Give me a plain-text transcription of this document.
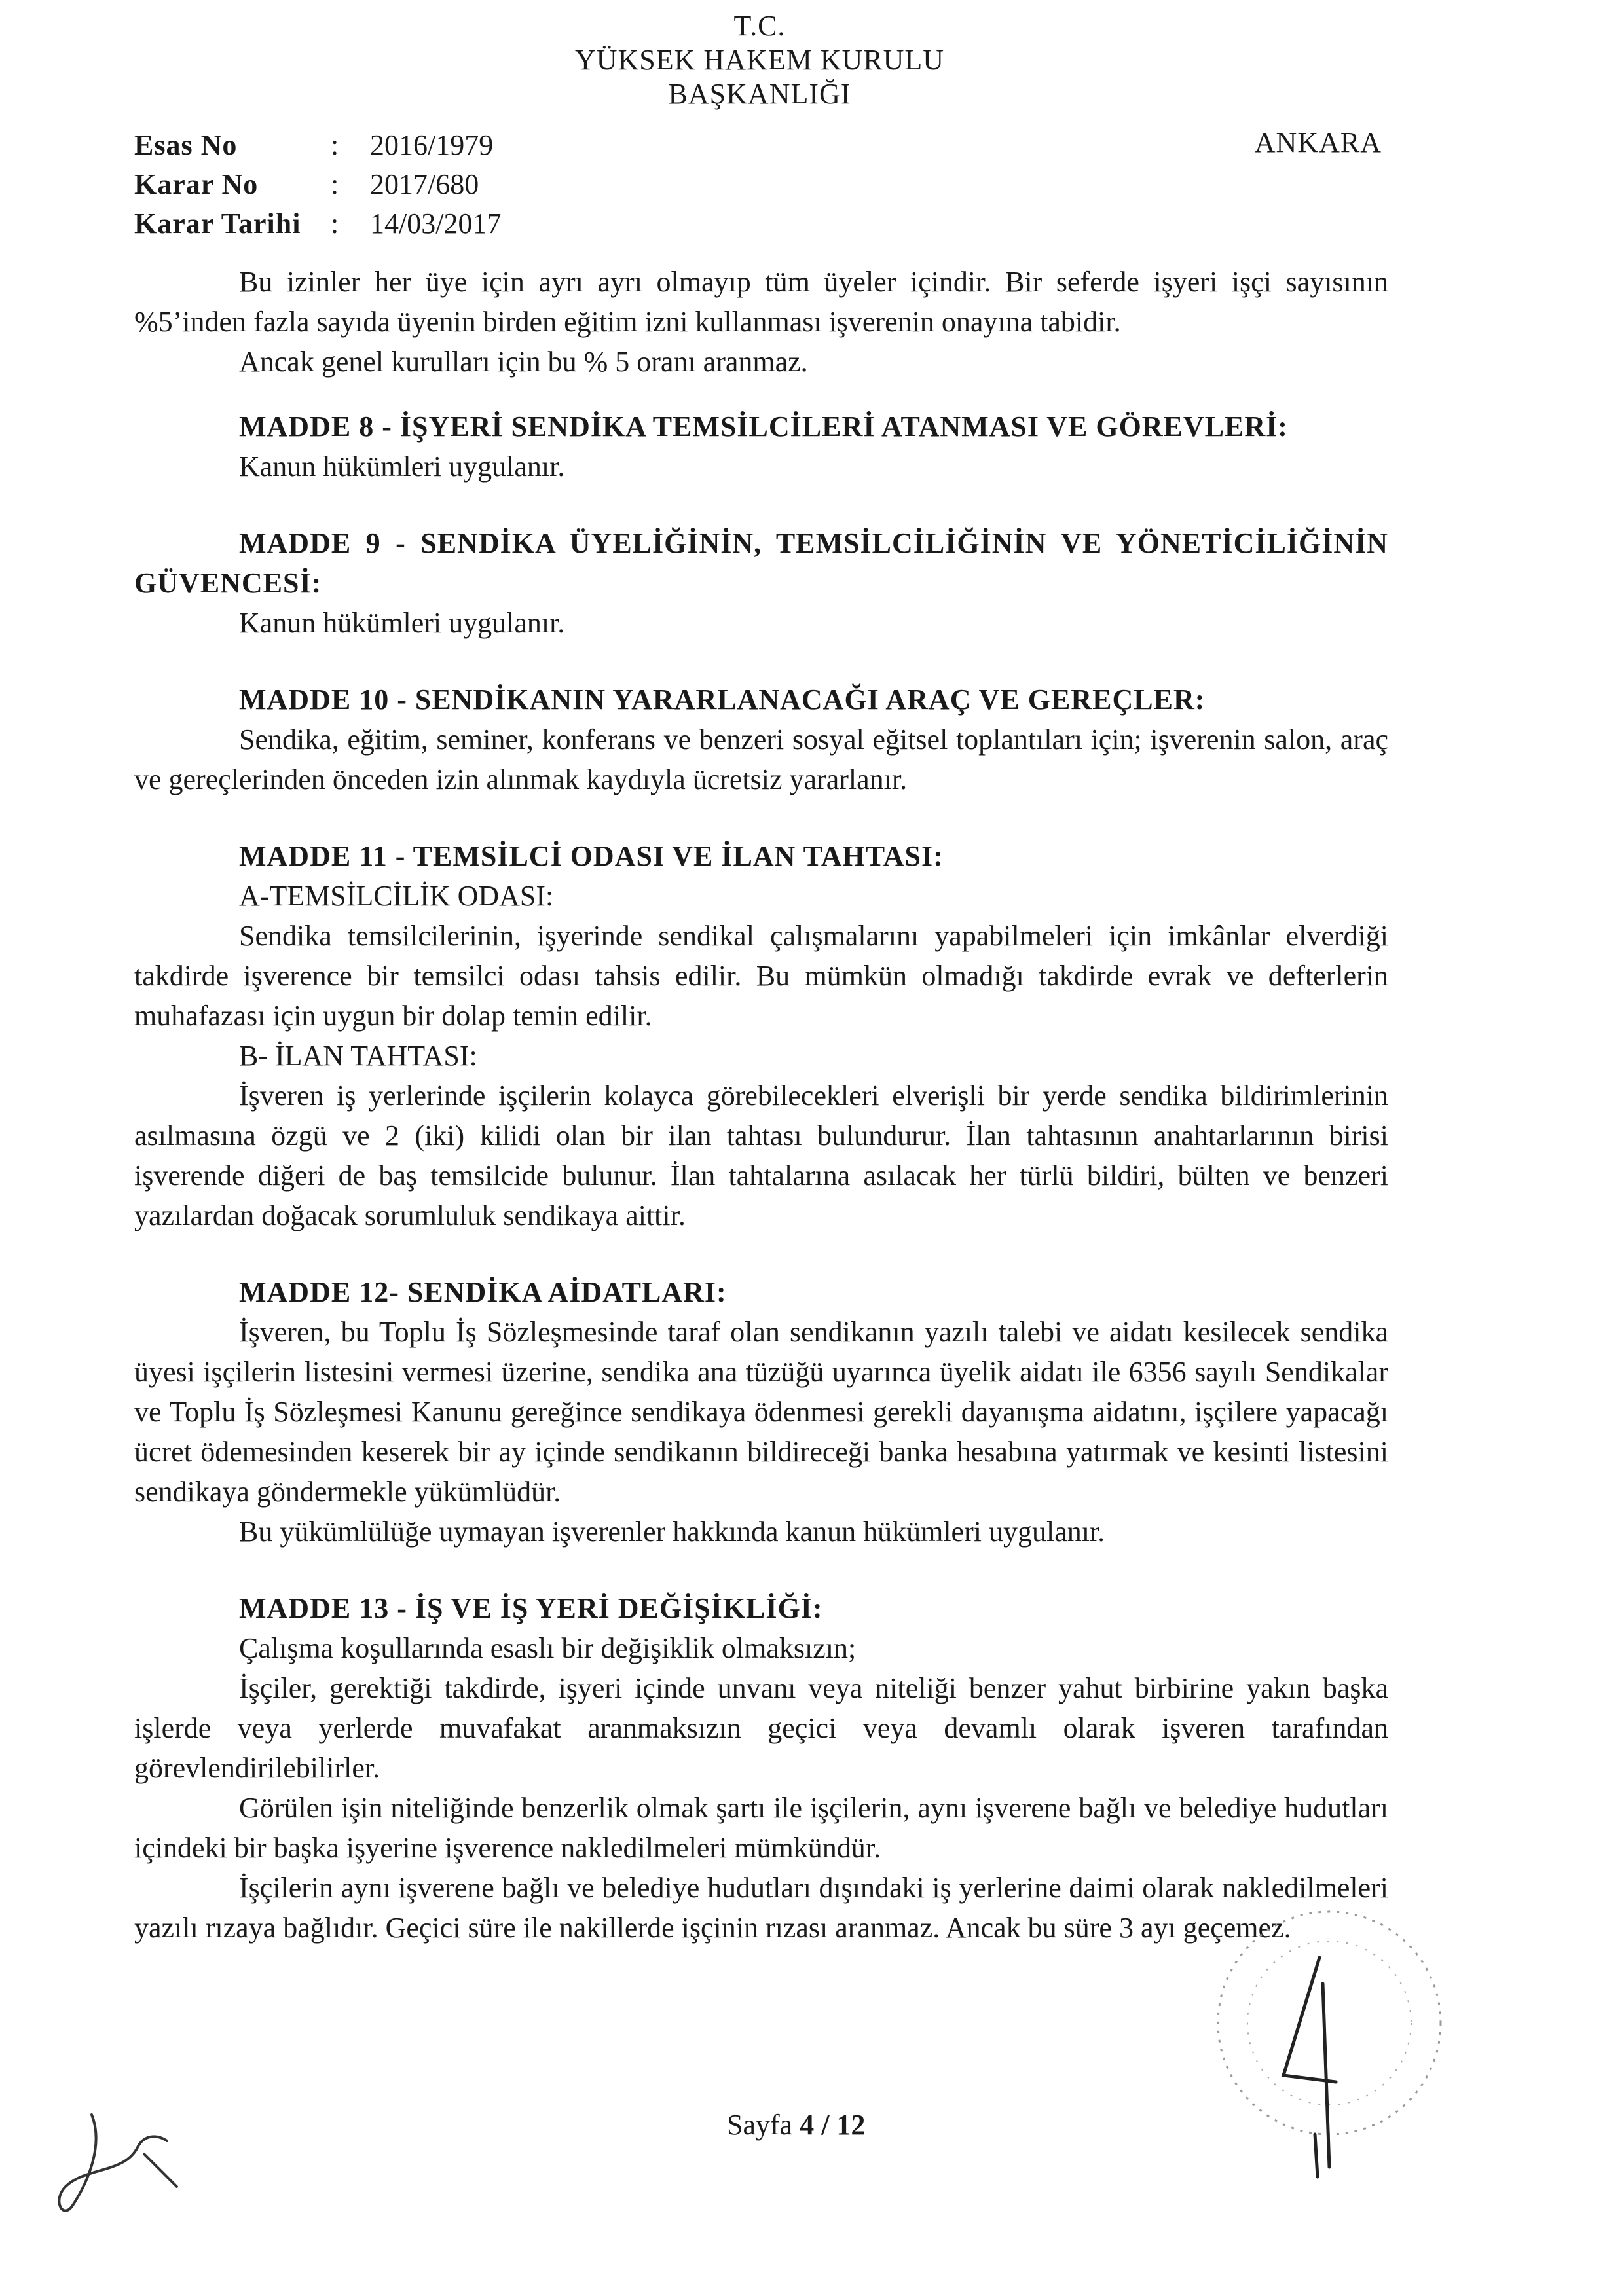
T.C.
YÜKSEK HAKEM KURULU
BAŞKANLIĞI
Esas No	:	2016/1979
Karar No	:	2017/680
Karar Tarihi	:	14/03/2017
ANKARA
Bu izinler her üye için ayrı ayrı olmayıp tüm üyeler içindir. Bir seferde işyeri işçi sayısının %5’inden fazla sayıda üyenin birden eğitim izni kullanması işverenin onayına tabidir.
Ancak genel kurulları için bu % 5 oranı aranmaz.
MADDE 8 - İŞYERİ SENDİKA TEMSİLCİLERİ ATANMASI VE GÖREVLERİ:
Kanun hükümleri uygulanır.
MADDE 9 - SENDİKA ÜYELİĞİNİN, TEMSİLCİLİĞİNİN VE YÖNETİCİLİĞİNİN GÜVENCESİ:
Kanun hükümleri uygulanır.
MADDE 10 - SENDİKANIN YARARLANACAĞI ARAÇ VE GEREÇLER:
Sendika, eğitim, seminer, konferans ve benzeri sosyal eğitsel toplantıları için; işverenin salon, araç ve gereçlerinden önceden izin alınmak kaydıyla ücretsiz yararlanır.
MADDE 11 - TEMSİLCİ ODASI VE İLAN TAHTASI:
A-TEMSİLCİLİK ODASI:
Sendika temsilcilerinin, işyerinde sendikal çalışmalarını yapabilmeleri için imkânlar elverdiği takdirde işverence bir temsilci odası tahsis edilir. Bu mümkün olmadığı takdirde evrak ve defterlerin muhafazası için uygun bir dolap temin edilir.
B- İLAN TAHTASI:
İşveren iş yerlerinde işçilerin kolayca görebilecekleri elverişli bir yerde sendika bildirimlerinin asılmasına özgü ve 2 (iki) kilidi olan bir ilan tahtası bulundurur. İlan tahtasının anahtarlarının birisi işverende diğeri de baş temsilcide bulunur. İlan tahtalarına asılacak her türlü bildiri, bülten ve benzeri yazılardan doğacak sorumluluk sendikaya aittir.
MADDE 12- SENDİKA AİDATLARI:
İşveren, bu Toplu İş Sözleşmesinde taraf olan sendikanın yazılı talebi ve aidatı kesilecek sendika üyesi işçilerin listesini vermesi üzerine, sendika ana tüzüğü uyarınca üyelik aidatı ile 6356 sayılı Sendikalar ve Toplu İş Sözleşmesi Kanunu gereğince sendikaya ödenmesi gerekli dayanışma aidatını, işçilere yapacağı ücret ödemesinden keserek bir ay içinde sendikanın bildireceği banka hesabına yatırmak ve kesinti listesini sendikaya göndermekle yükümlüdür.
Bu yükümlülüğe uymayan işverenler hakkında kanun hükümleri uygulanır.
MADDE 13 - İŞ VE İŞ YERİ DEĞİŞİKLİĞİ:
Çalışma koşullarında esaslı bir değişiklik olmaksızın;
İşçiler, gerektiği takdirde, işyeri içinde unvanı veya niteliği benzer yahut birbirine yakın başka işlerde veya yerlerde muvafakat aranmaksızın geçici veya devamlı olarak işveren tarafından görevlendirilebilirler.
Görülen işin niteliğinde benzerlik olmak şartı ile işçilerin, aynı işverene bağlı ve belediye hudutları içindeki bir başka işyerine işverence nakledilmeleri mümkündür.
İşçilerin aynı işverene bağlı ve belediye hudutları dışındaki iş yerlerine daimi olarak nakledilmeleri yazılı rızaya bağlıdır. Geçici süre ile nakillerde işçinin rızası aranmaz. Ancak bu süre 3 ayı geçemez.
Sayfa 4 / 12
